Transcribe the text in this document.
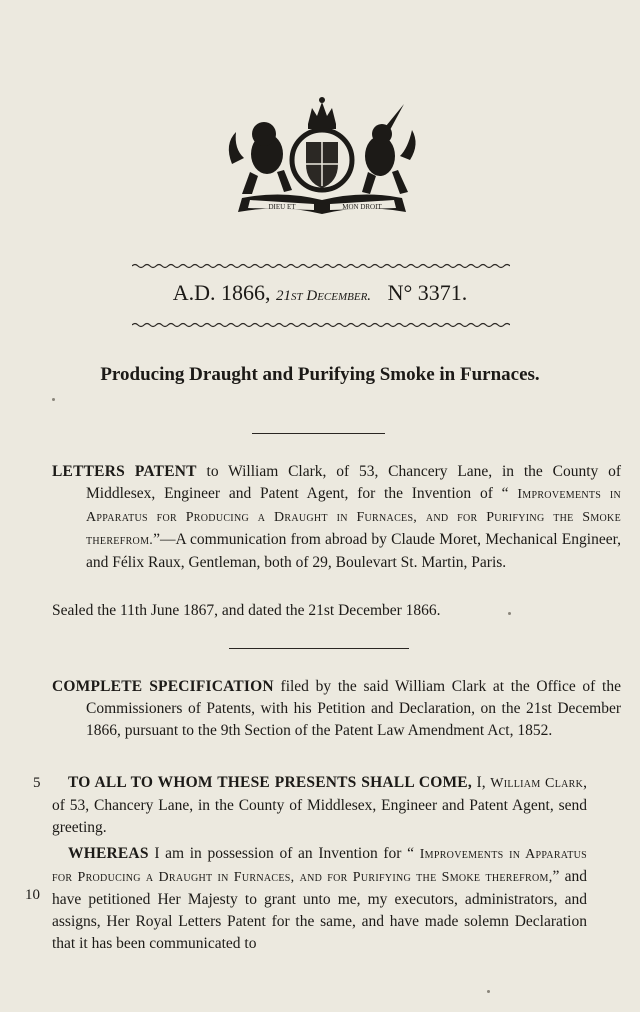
DIEU ET	MON DROIT
A.D. 1866, 21st December. N° 3371.
Producing Draught and Purifying Smoke in Furnaces.
LETTERS PATENT to William Clark, of 53, Chancery Lane, in the County of Middlesex, Engineer and Patent Agent, for the Invention of “ Improvements in Apparatus for Producing a Draught in Furnaces, and for Purifying the Smoke therefrom.”—A communication from abroad by Claude Moret, Mechanical Engineer, and Félix Raux, Gentleman, both of 29, Boulevart St. Martin, Paris.
Sealed the 11th June 1867, and dated the 21st December 1866.
COMPLETE SPECIFICATION filed by the said William Clark at the Office of the Commissioners of Patents, with his Petition and Declaration, on the 21st December 1866, pursuant to the 9th Section of the Patent Law Amendment Act, 1852.
TO ALL TO WHOM THESE PRESENTS SHALL COME, I, William Clark, of 53, Chancery Lane, in the County of Middlesex, Engineer and Patent Agent, send greeting.
WHEREAS I am in possession of an Invention for “ Improvements in Apparatus for Producing a Draught in Furnaces, and for Purifying the Smoke therefrom,” and have petitioned Her Majesty to grant unto me, my executors, administrators, and assigns, Her Royal Letters Patent for the same, and have made solemn Declaration that it has been communicated to
5
10
